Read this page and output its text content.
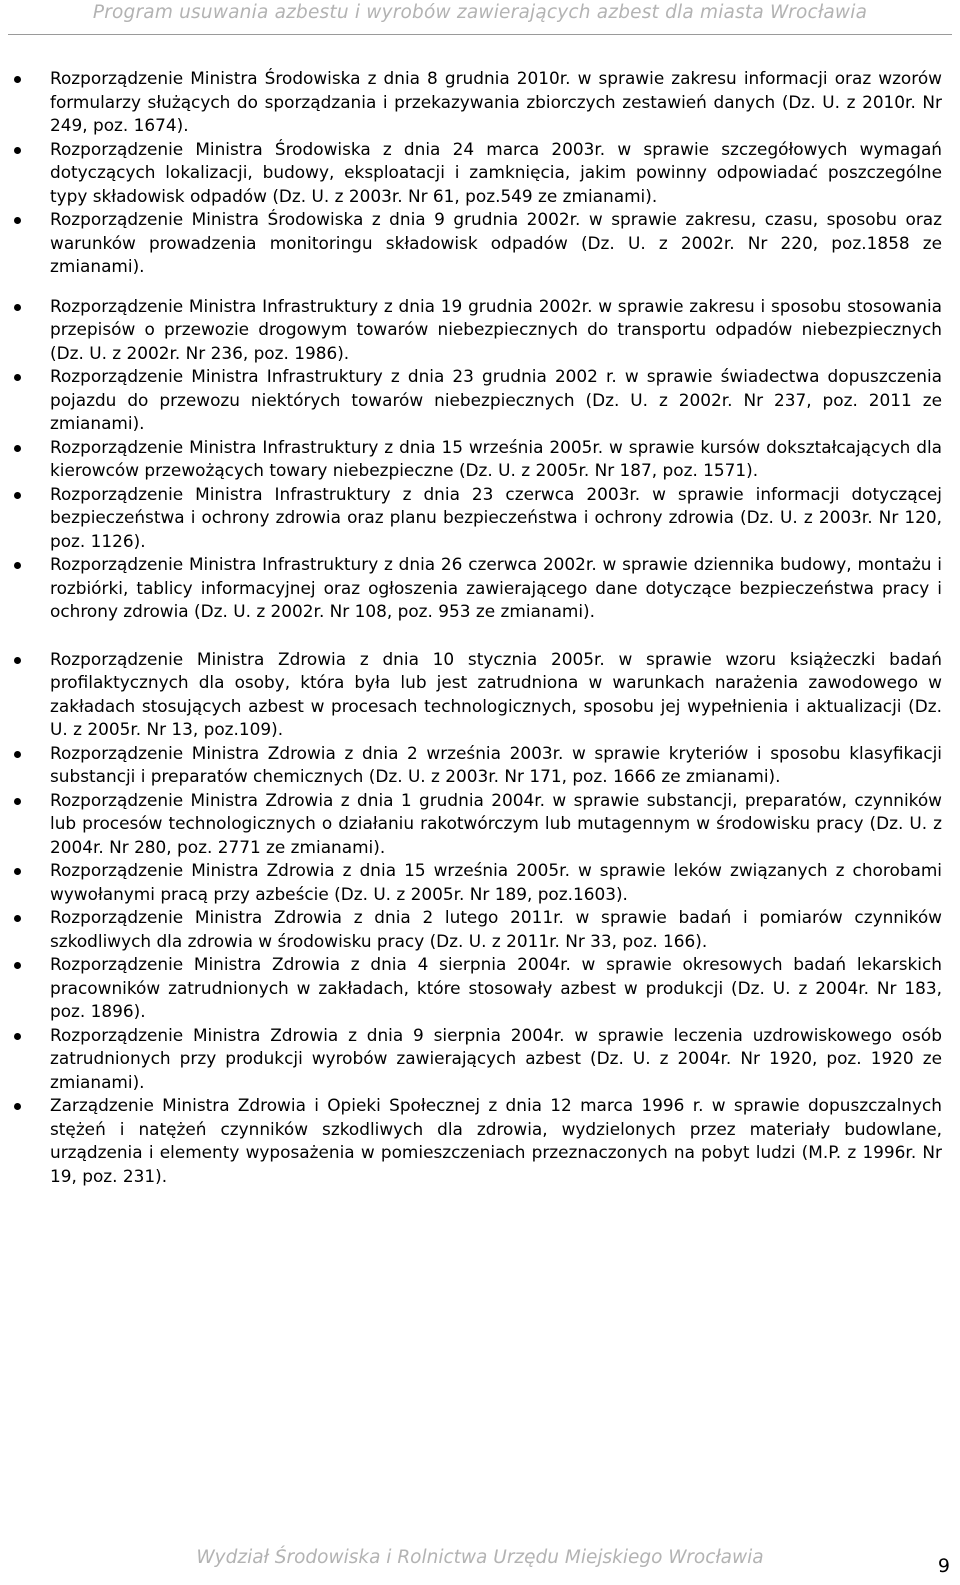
Program usuwania azbestu i wyrobów zawierających azbest dla miasta Wrocławia
Rozporządzenie Ministra Środowiska z dnia 8 grudnia 2010r. w sprawie zakresu informacji oraz wzorów formularzy służących do sporządzania i przekazywania zbiorczych zestawień danych (Dz. U. z 2010r. Nr 249, poz. 1674).
Rozporządzenie Ministra Środowiska z dnia 24 marca 2003r. w sprawie szczegółowych wymagań dotyczących lokalizacji, budowy, eksploatacji i zamknięcia, jakim powinny odpowiadać poszczególne typy składowisk odpadów (Dz. U. z 2003r. Nr 61, poz.549 ze zmianami).
Rozporządzenie Ministra Środowiska z dnia 9 grudnia 2002r. w sprawie zakresu, czasu, sposobu oraz warunków prowadzenia monitoringu składowisk odpadów (Dz. U. z 2002r. Nr 220, poz.1858 ze zmianami).
Rozporządzenie Ministra Infrastruktury z dnia 19 grudnia 2002r. w sprawie zakresu i sposobu stosowania przepisów o przewozie drogowym towarów niebezpiecznych do transportu odpadów niebezpiecznych (Dz. U. z 2002r. Nr 236, poz. 1986).
Rozporządzenie Ministra Infrastruktury z dnia 23 grudnia 2002 r. w sprawie świadectwa dopuszczenia pojazdu do przewozu niektórych towarów niebezpiecznych (Dz. U. z 2002r. Nr 237, poz. 2011 ze zmianami).
Rozporządzenie Ministra Infrastruktury z dnia 15 września 2005r. w sprawie kursów dokształcających dla kierowców przewożących towary niebezpieczne (Dz. U. z 2005r. Nr 187, poz. 1571).
Rozporządzenie Ministra Infrastruktury z dnia 23 czerwca 2003r. w sprawie informacji dotyczącej bezpieczeństwa i ochrony zdrowia oraz planu bezpieczeństwa i ochrony zdrowia (Dz. U. z 2003r. Nr 120, poz. 1126).
Rozporządzenie Ministra Infrastruktury z dnia 26 czerwca 2002r. w sprawie dziennika budowy, montażu i rozbiórki, tablicy informacyjnej oraz ogłoszenia zawierającego dane dotyczące bezpieczeństwa pracy i ochrony zdrowia (Dz. U. z 2002r. Nr 108, poz. 953 ze zmianami).
Rozporządzenie Ministra Zdrowia z dnia 10 stycznia 2005r. w sprawie wzoru książeczki badań profilaktycznych dla osoby, która była lub jest zatrudniona w warunkach narażenia zawodowego w zakładach stosujących azbest w procesach technologicznych, sposobu jej wypełnienia i aktualizacji (Dz. U. z 2005r. Nr 13, poz.109).
Rozporządzenie Ministra Zdrowia z dnia 2 września 2003r. w sprawie kryteriów i sposobu klasyfikacji substancji i preparatów chemicznych (Dz. U. z 2003r. Nr 171, poz. 1666 ze zmianami).
Rozporządzenie Ministra Zdrowia z dnia 1 grudnia 2004r. w sprawie substancji, preparatów, czynników lub procesów technologicznych o działaniu rakotwórczym lub mutagennym w środowisku pracy (Dz. U. z 2004r. Nr 280, poz. 2771 ze zmianami).
Rozporządzenie Ministra Zdrowia z dnia 15 września 2005r. w sprawie leków związanych z chorobami wywołanymi pracą przy azbeście (Dz. U. z 2005r. Nr 189, poz.1603).
Rozporządzenie Ministra Zdrowia z dnia 2 lutego 2011r. w sprawie badań i pomiarów czynników szkodliwych dla zdrowia w środowisku pracy (Dz. U. z 2011r. Nr 33, poz. 166).
Rozporządzenie Ministra Zdrowia z dnia 4 sierpnia 2004r. w sprawie okresowych badań lekarskich pracowników zatrudnionych w zakładach, które stosowały azbest w produkcji (Dz. U. z 2004r. Nr 183, poz. 1896).
Rozporządzenie Ministra Zdrowia z dnia 9 sierpnia 2004r. w sprawie leczenia uzdrowiskowego osób zatrudnionych przy produkcji wyrobów zawierających azbest (Dz. U. z 2004r. Nr 1920, poz. 1920 ze zmianami).
Zarządzenie Ministra Zdrowia i Opieki Społecznej z dnia 12 marca 1996 r. w sprawie dopuszczalnych stężeń i natężeń czynników szkodliwych dla zdrowia, wydzielonych przez materiały budowlane, urządzenia i elementy wyposażenia w pomieszczeniach przeznaczonych na pobyt ludzi (M.P. z 1996r. Nr 19, poz. 231).
Wydział Środowiska i Rolnictwa Urzędu Miejskiego Wrocławia	9
